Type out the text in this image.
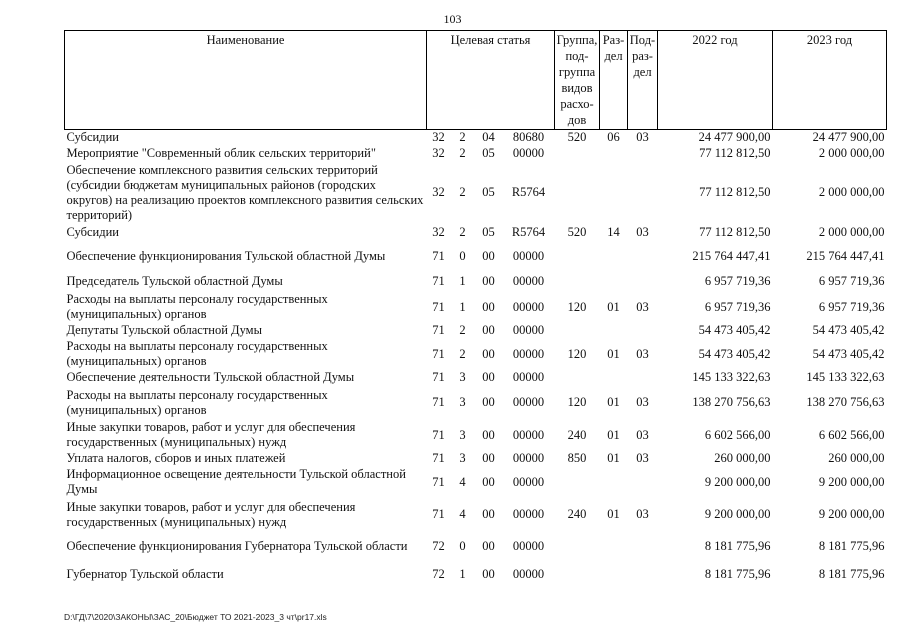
103
Наименование	Целевая статья				Группа, под-группа видов расхо-дов	Раз-дел	Под-раз-дел	2022 год	2023 год
Субсидии	32	2	04	80680	520	06	03	24 477 900,00	24 477 900,00
Мероприятие "Современный облик сельских территорий"	32	2	05	00000				77 112 812,50	2 000 000,00
Обеспечение комплексного развития сельских территорий (субсидии бюджетам муниципальных районов (городских округов) на реализацию проектов комплексного развития сельских территорий)	32	2	05	R5764				77 112 812,50	2 000 000,00
Субсидии	32	2	05	R5764	520	14	03	77 112 812,50	2 000 000,00
Обеспечение функционирования Тульской областной Думы	71	0	00	00000				215 764 447,41	215 764 447,41
Председатель Тульской областной Думы	71	1	00	00000				6 957 719,36	6 957 719,36
Расходы на выплаты персоналу государственных (муниципальных) органов	71	1	00	00000	120	01	03	6 957 719,36	6 957 719,36
Депутаты Тульской областной Думы	71	2	00	00000				54 473 405,42	54 473 405,42
Расходы на выплаты персоналу государственных (муниципальных) органов	71	2	00	00000	120	01	03	54 473 405,42	54 473 405,42
Обеспечение деятельности Тульской областной Думы	71	3	00	00000				145 133 322,63	145 133 322,63
Расходы на выплаты персоналу государственных (муниципальных) органов	71	3	00	00000	120	01	03	138 270 756,63	138 270 756,63
Иные закупки товаров, работ и услуг для обеспечения государственных (муниципальных) нужд	71	3	00	00000	240	01	03	6 602 566,00	6 602 566,00
Уплата налогов, сборов и иных платежей	71	3	00	00000	850	01	03	260 000,00	260 000,00
Информационное освещение деятельности Тульской областной Думы	71	4	00	00000				9 200 000,00	9 200 000,00
Иные закупки товаров, работ и услуг для обеспечения государственных (муниципальных) нужд	71	4	00	00000	240	01	03	9 200 000,00	9 200 000,00
Обеспечение функционирования Губернатора Тульской области	72	0	00	00000				8 181 775,96	8 181 775,96
Губернатор Тульской области	72	1	00	00000				8 181 775,96	8 181 775,96
D:\ГД\7\2020\ЗАКОНЫ\ЗАС_20\Бюджет ТО 2021-2023_3 чт\pr17.xls
